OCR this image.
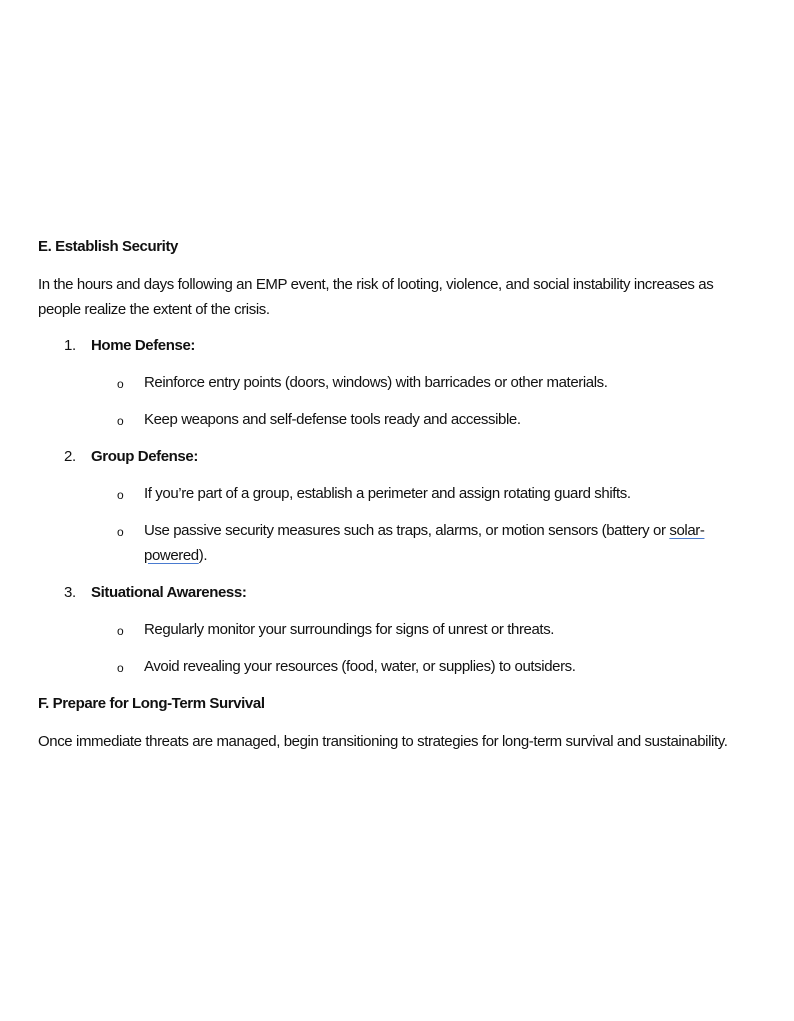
E. Establish Security
In the hours and days following an EMP event, the risk of looting, violence, and social instability increases as people realize the extent of the crisis.
1. Home Defense:
o Reinforce entry points (doors, windows) with barricades or other materials.
o Keep weapons and self-defense tools ready and accessible.
2. Group Defense:
o If you’re part of a group, establish a perimeter and assign rotating guard shifts.
o Use passive security measures such as traps, alarms, or motion sensors (battery or solar-powered).
3. Situational Awareness:
o Regularly monitor your surroundings for signs of unrest or threats.
o Avoid revealing your resources (food, water, or supplies) to outsiders.
F. Prepare for Long-Term Survival
Once immediate threats are managed, begin transitioning to strategies for long-term survival and sustainability.
